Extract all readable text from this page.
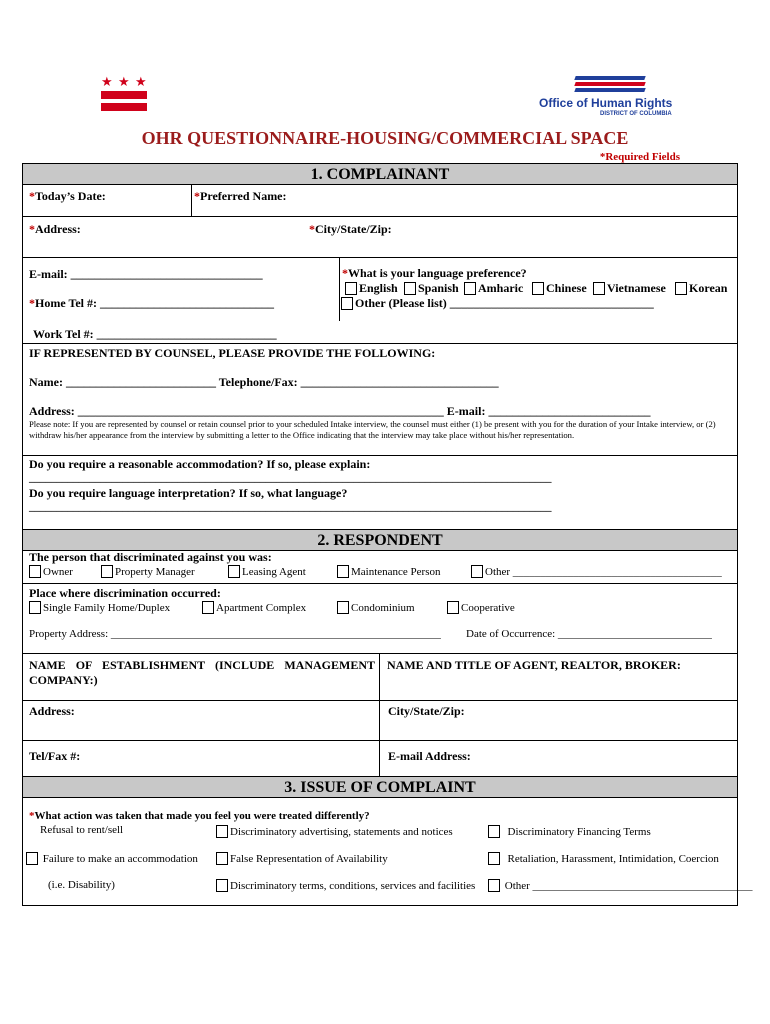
★ ★ ★
Office of Human Rights
DISTRICT OF COLUMBIA
OHR QUESTIONNAIRE-HOUSING/COMMERCIAL SPACE
*Required Fields
1. COMPLAINANT
*Today’s Date:	*Preferred Name:
*Address:	*City/State/Zip:
E-mail: ________________________________
*Home Tel #: _____________________________
Work Tel #: ______________________________
*What is your language preference?
English	Spanish	Amharic	Chinese	Vietnamese	Korean
Other (Please list) __________________________________
IF REPRESENTED BY COUNSEL, PLEASE PROVIDE THE FOLLOWING:
Name: _________________________ Telephone/Fax: _________________________________
Address: _____________________________________________________________ E-mail: ___________________________
Please note: If you are represented by counsel or retain counsel prior to your scheduled Intake interview, the counsel must either (1) be present with you for the duration of your Intake interview, or (2) withdraw his/her appearance from the interview by submitting a letter to the Office indicating that the interview may take place without his/her representation.
Do you require a reasonable accommodation? If so, please explain:
_______________________________________________________________________________________________
Do you require language interpretation? If so, what language?
_______________________________________________________________________________________________
2. RESPONDENT
The person that discriminated against you was:
Owner	Property Manager	Leasing Agent	Maintenance Person	Other ______________________________________
Place where discrimination occurred:
Single Family Home/Duplex	Apartment Complex	Condominium	Cooperative
Property Address: ____________________________________________________________ Date of Occurrence: ____________________________
NAME OF ESTABLISHMENT (INCLUDE MANAGEMENT COMPANY:)
NAME AND TITLE OF AGENT, REALTOR, BROKER:
Address:	City/State/Zip:
Tel/Fax #:	E-mail Address:
3. ISSUE OF COMPLAINT
*What action was taken that made you feel you were treated differently?
Refusal to rent/sell
Failure to make an accommodation
(i.e. Disability)
Discriminatory advertising, statements and notices
False Representation of Availability
Discriminatory terms, conditions, services and facilities
Discriminatory Financing Terms
Retaliation, Harassment, Intimidation, Coercion
Other ________________________________________
